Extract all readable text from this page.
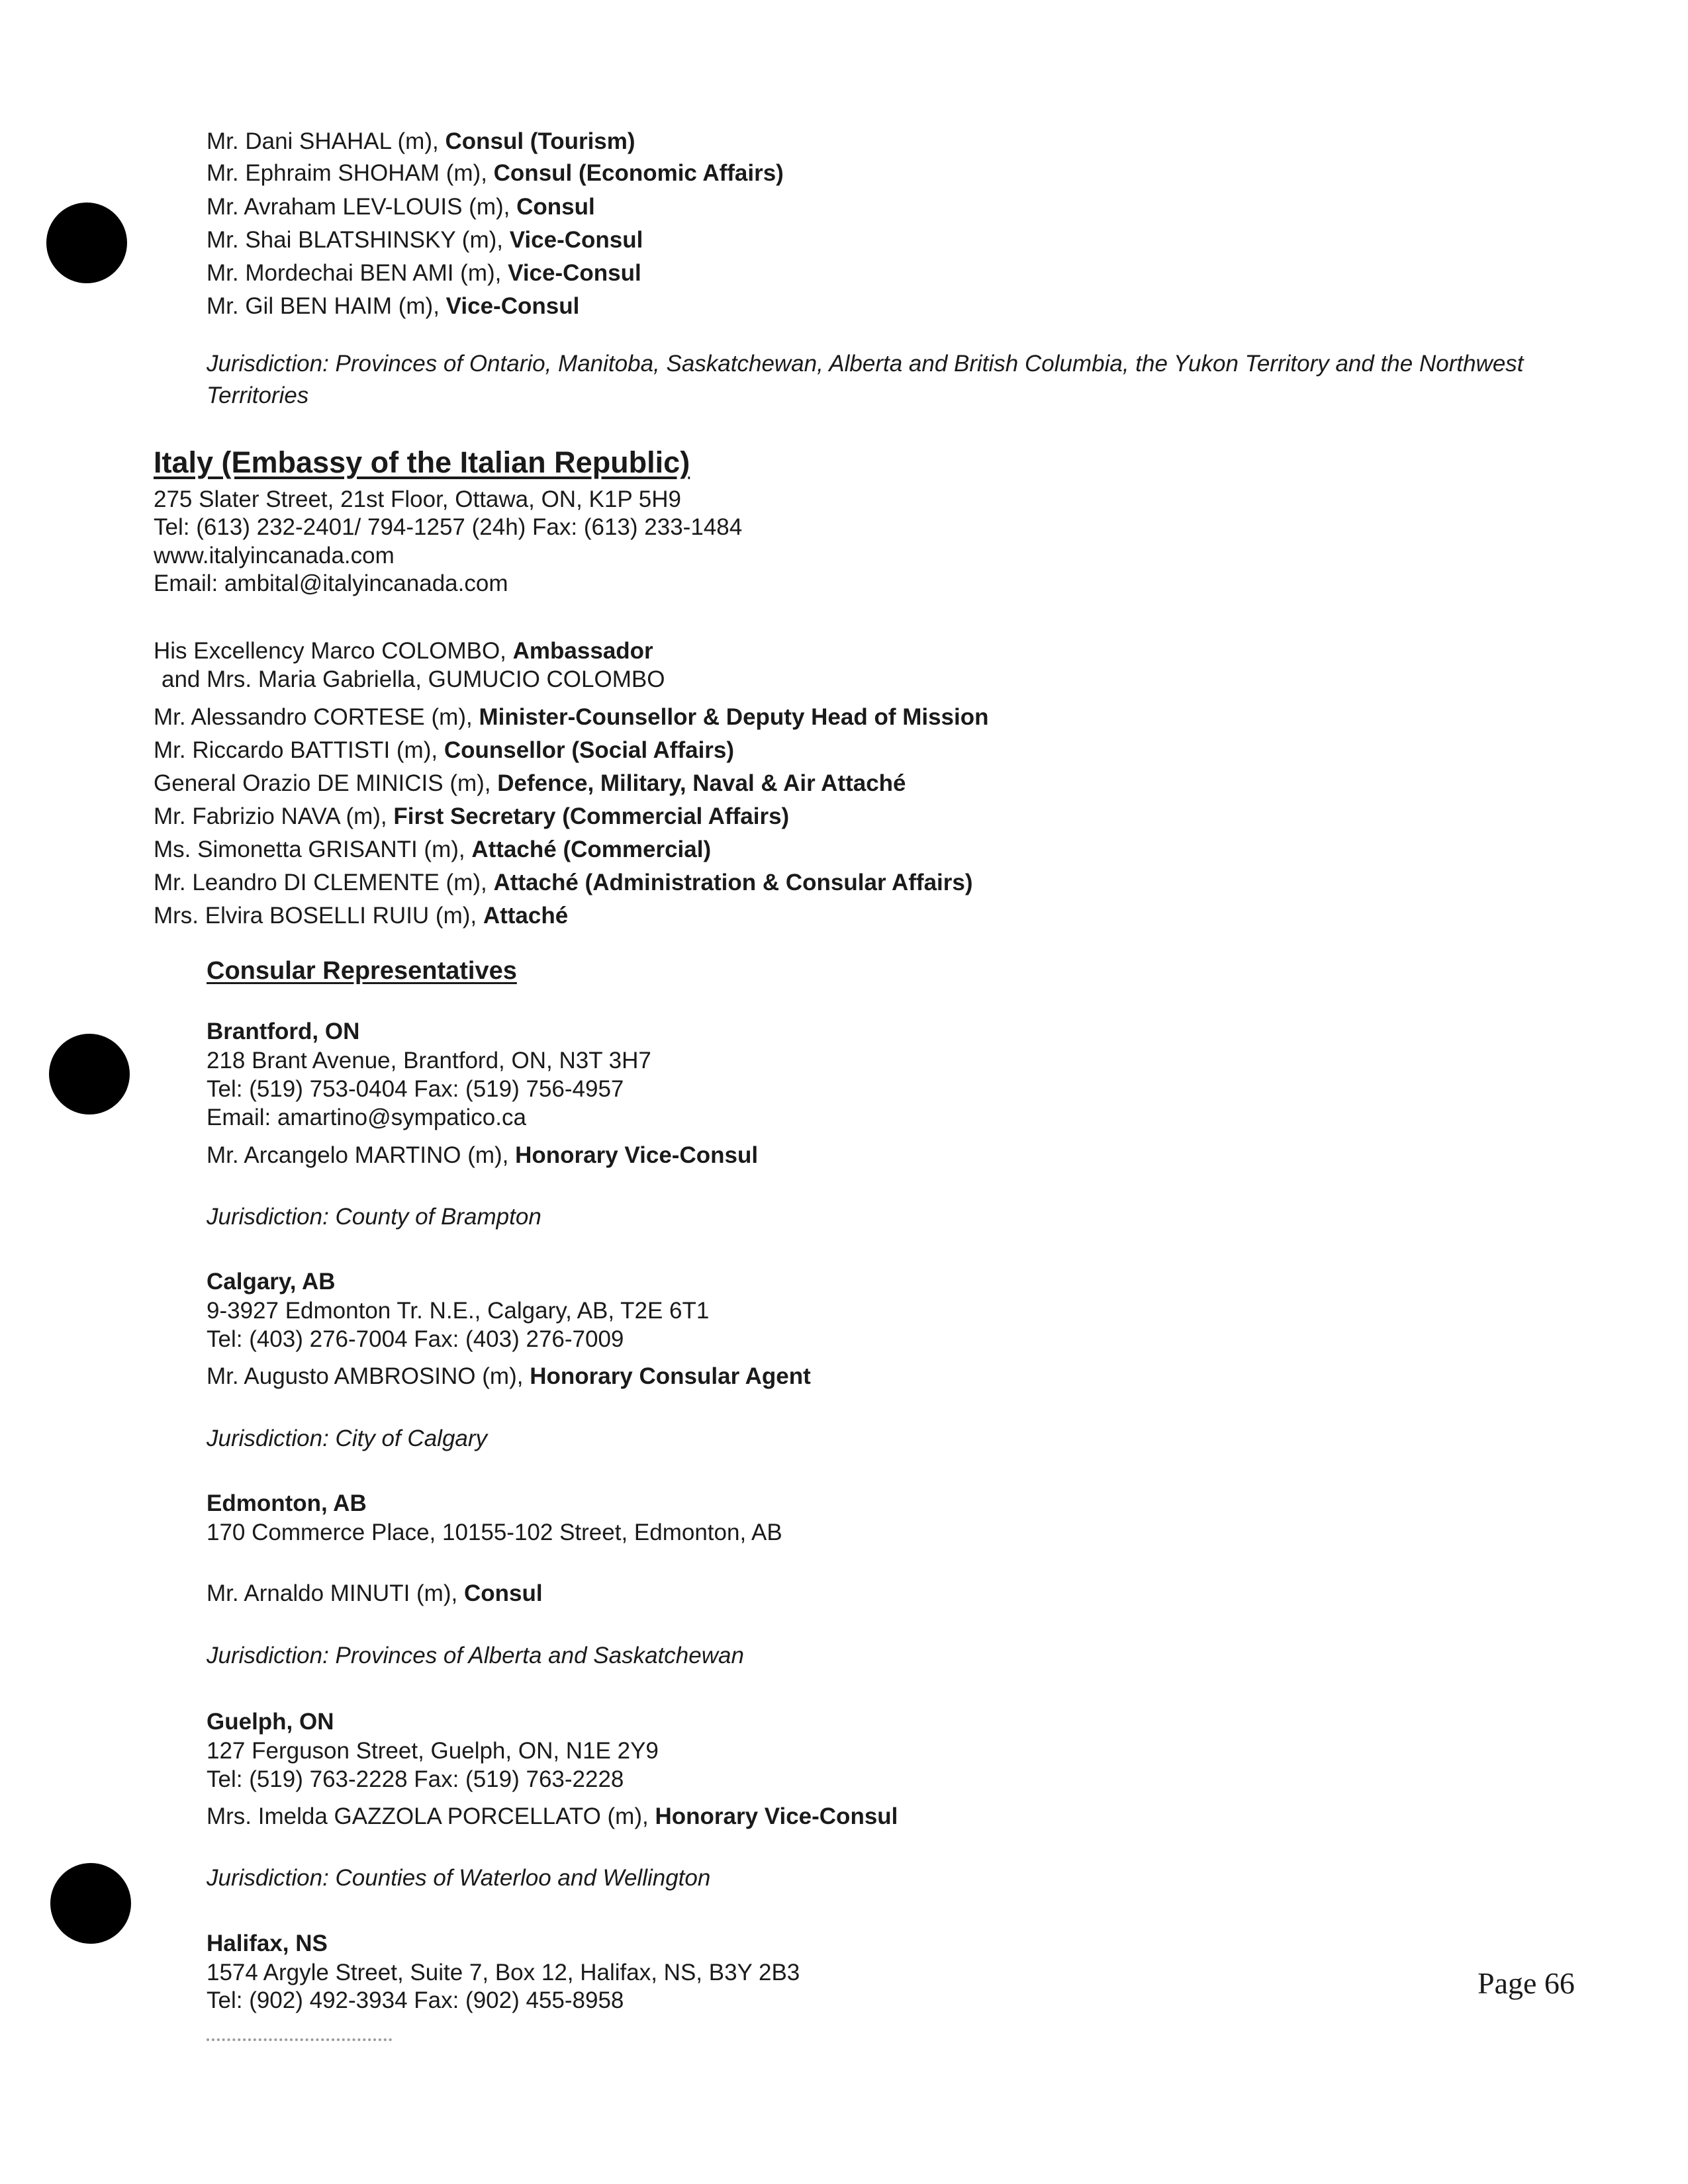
Mr. Dani SHAHAL (m), Consul (Tourism)
Mr. Ephraim SHOHAM (m), Consul (Economic Affairs)
Mr. Avraham LEV-LOUIS (m), Consul
Mr. Shai BLATSHINSKY (m), Vice-Consul
Mr. Mordechai BEN AMI (m), Vice-Consul
Mr. Gil BEN HAIM (m), Vice-Consul
Jurisdiction: Provinces of Ontario, Manitoba, Saskatchewan, Alberta and British Columbia, the Yukon Territory and the Northwest Territories
Italy (Embassy of the Italian Republic)
275 Slater Street, 21st Floor, Ottawa, ON, K1P 5H9
Tel: (613) 232-2401/ 794-1257 (24h) Fax: (613) 233-1484
www.italyincanada.com
Email: ambital@italyincanada.com
His Excellency Marco COLOMBO, Ambassador
and Mrs. Maria Gabriella, GUMUCIO COLOMBO
Mr. Alessandro CORTESE (m), Minister-Counsellor & Deputy Head of Mission
Mr. Riccardo BATTISTI (m), Counsellor (Social Affairs)
General Orazio DE MINICIS (m), Defence, Military, Naval & Air Attaché
Mr. Fabrizio NAVA (m), First Secretary (Commercial Affairs)
Ms. Simonetta GRISANTI (m), Attaché (Commercial)
Mr. Leandro DI CLEMENTE (m), Attaché (Administration & Consular Affairs)
Mrs. Elvira BOSELLI RUIU (m), Attaché
Consular Representatives
Brantford, ON
218 Brant Avenue, Brantford, ON, N3T 3H7
Tel: (519) 753-0404 Fax: (519) 756-4957
Email: amartino@sympatico.ca
Mr. Arcangelo MARTINO (m), Honorary Vice-Consul
Jurisdiction: County of Brampton
Calgary, AB
9-3927 Edmonton Tr. N.E., Calgary, AB, T2E 6T1
Tel: (403) 276-7004 Fax: (403) 276-7009
Mr. Augusto AMBROSINO (m), Honorary Consular Agent
Jurisdiction: City of Calgary
Edmonton, AB
170 Commerce Place, 10155-102 Street, Edmonton, AB
Mr. Arnaldo MINUTI (m), Consul
Jurisdiction: Provinces of Alberta and Saskatchewan
Guelph, ON
127 Ferguson Street, Guelph, ON, N1E 2Y9
Tel: (519) 763-2228 Fax: (519) 763-2228
Mrs. Imelda GAZZOLA PORCELLATO (m), Honorary Vice-Consul
Jurisdiction: Counties of Waterloo and Wellington
Halifax, NS
1574 Argyle Street, Suite 7, Box 12, Halifax, NS, B3Y 2B3
Tel: (902) 492-3934 Fax: (902) 455-8958
Page 66
